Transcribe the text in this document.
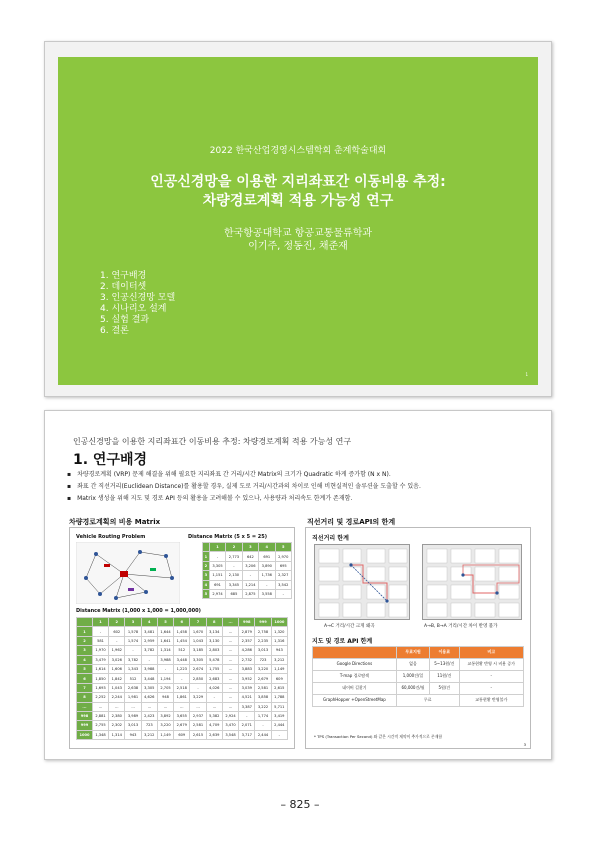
2022 한국산업경영시스템학회 춘계학술대회
인공신경망을 이용한 지리좌표간 이동비용 추정:
차량경로계획 적용 가능성 연구
한국항공대학교 항공교통물류학과
이기주, 정동진, 채준재
1. 연구배경
2. 데이터셋
3. 인공신경망 모델
4. 시나리오 설계
5. 실험 결과
6. 결론
1
인공신경망을 이용한 지리좌표간 이동비용 추정: 차량경로계획 적용 가능성 연구
1. 연구배경
▪ 차량경로계획 (VRP) 문제 해결을 위해 필요한 지리좌표 간 거리/시간 Matrix의 크기가 Quadratic 하게 증가함 (N x N).
▪ 좌표 간 직선거리(Euclidean Distance)를 활용할 경우, 실제 도로 거리/시간과의 차이로 인해 비현실적인 솔루션을 도출할 수 있음.
▪ Matrix 생성을 위해 지도 및 경로 API 등의 활용을 고려해볼 수 있으나, 사용량과 처리속도 한계가 존재함.
차량경로계획의 비용 Matrix	직선거리 및 경로API의 한계
Vehicle Routing Problem	Distance Matrix (5 x 5 = 25)
	1	2	3	4	5
1	-	2,773	642	691	2,970
2	3,305	-	3,206	3,890	695
3	1,151	2,130	-	1,736	2,327
4	691	3,345	1,214	-	3,542
5	2,974	685	2,875	3,558	-
Distance Matrix (1,000 x 1,000 = 1,000,000)
	1	2	3	4	5	6	7	8	...	998	999	1000
1	-	602	1,578	3,481	1,644	1,458	1,670	3,134	...	2,879	2,758	1,320
2	581	-	1,574	2,959	1,641	1,454	1,043	3,130	...	2,357	2,235	1,316
3	1,970	1,962	-	3,782	1,314	512	3,185	2,803	...	4,286	3,013	943
4	3,479	3,026	3,782	-	3,988	3,448	3,305	5,478	...	2,732	723	3,212
5	1,614	1,606	1,343	3,988	-	1,223	2,674	1,755	...	3,883	3,220	1,149
6	1,850	1,842	512	3,448	1,194	-	2,850	2,683	...	3,952	2,679	609
7	1,693	1,043	2,638	3,305	2,705	2,518	-	4,026	...	3,039	2,581	2,615
8	2,252	2,244	1,981	4,626	948	1,861	3,229	-	...	4,521	3,858	1,788
...	...	...	...	...	...	...	...	...	...	3,387	3,222	5,711
998	2,881	2,380	3,989	2,423	3,892	3,655	2,937	5,382	2,924	-	1,774	3,419
999	2,755	2,302	3,013	723	3,220	2,679	2,581	4,709	3,470	2,071	-	2,444
1000	1,348	1,314	943	3,212	1,149	609	2,615	2,639	3,548	3,717	2,444	-
직선거리 한계
A→C 거리/시간 크게 왜곡	A→B, B→A 거리/시간 차이 반영 불가
지도 및 경로 API 한계
	무료지원	이용료	비고
Google Directions	없음	5~13원/건	교통현황 반영 시 비용 증가
T-map 경로탐색	1,000건/일	11원/건	-
네이버 길찾기	60,000건/월	5원/건	-
GraphHopper +OpenStreetMap	무료		교통현황 반영불가
* TPS (Transaction Per Second) 와 같은 시간적 제약이 추가적으로 존재함
3
– 825 –
